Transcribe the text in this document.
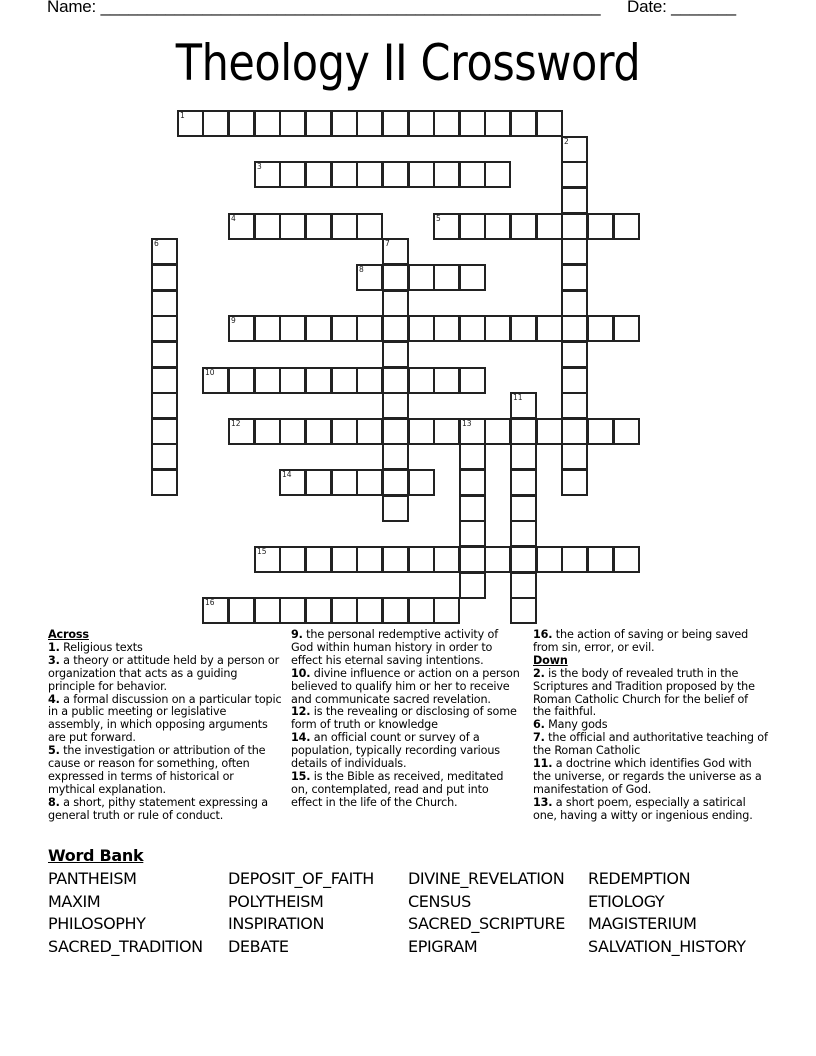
Name: ______________________________________________________ Date: _______
Theology II Crossword
1
2
3
4	5
6	7
8
9
10
11
12	13
14
15
16
Across
1. Religious texts
3. a theory or attitude held by a person or organization that acts as a guiding principle for behavior.
4. a formal discussion on a particular topic in a public meeting or legislative assembly, in which opposing arguments are put forward.
5. the investigation or attribution of the cause or reason for something, often expressed in terms of historical or mythical explanation.
8. a short, pithy statement expressing a general truth or rule of conduct.
9. the personal redemptive activity of God within human history in order to effect his eternal saving intentions.
10. divine influence or action on a person believed to qualify him or her to receive and communicate sacred revelation.
12. is the revealing or disclosing of some form of truth or knowledge
14. an official count or survey of a population, typically recording various details of individuals.
15. is the Bible as received, meditated on, contemplated, read and put into effect in the life of the Church.
16. the action of saving or being saved from sin, error, or evil.
Down
2. is the body of revealed truth in the Scriptures and Tradition proposed by the Roman Catholic Church for the belief of the faithful.
6. Many gods
7. the official and authoritative teaching of the Roman Catholic
11. a doctrine which identifies God with the universe, or regards the universe as a manifestation of God.
13. a short poem, especially a satirical one, having a witty or ingenious ending.
Word Bank
PANTHEISM
MAXIM
PHILOSOPHY
SACRED_TRADITION
DEPOSIT_OF_FAITH
POLYTHEISM
INSPIRATION
DEBATE
DIVINE_REVELATION
CENSUS
SACRED_SCRIPTURE
EPIGRAM
REDEMPTION
ETIOLOGY
MAGISTERIUM
SALVATION_HISTORY
